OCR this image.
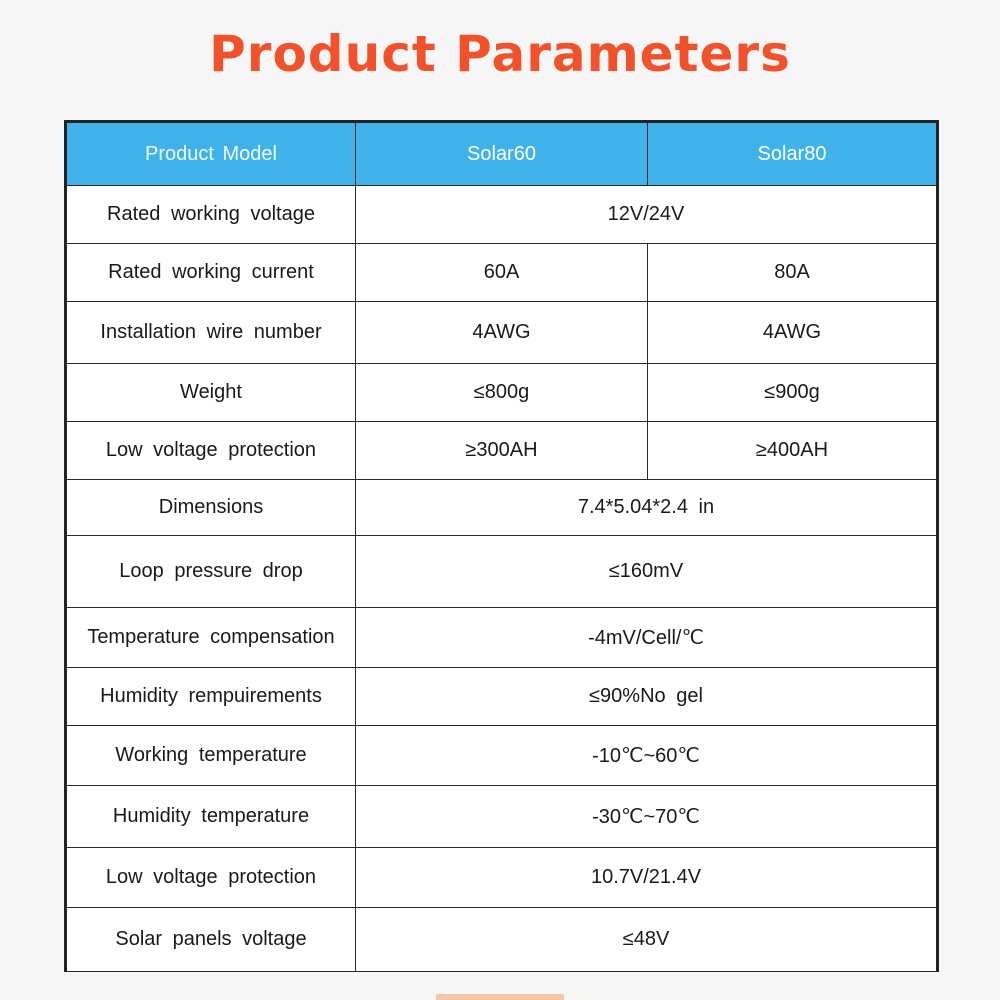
Product Parameters
Product Model	Solar60	Solar80
Rated working voltage	12V/24V	
Rated working current	60A	80A
Installation wire number	4AWG	4AWG
Weight	≤800g	≤900g
Low voltage protection	≥300AH	≥400AH
Dimensions	7.4*5.04*2.4 in	
Loop pressure drop	≤160mV	
Temperature compensation	-4mV/Cell/℃	
Humidity rempuirements	≤90%No gel	
Working temperature	-10℃~60℃	
Humidity temperature	-30℃~70℃	
Low voltage protection	10.7V/21.4V	
Solar panels voltage	≤48V	
